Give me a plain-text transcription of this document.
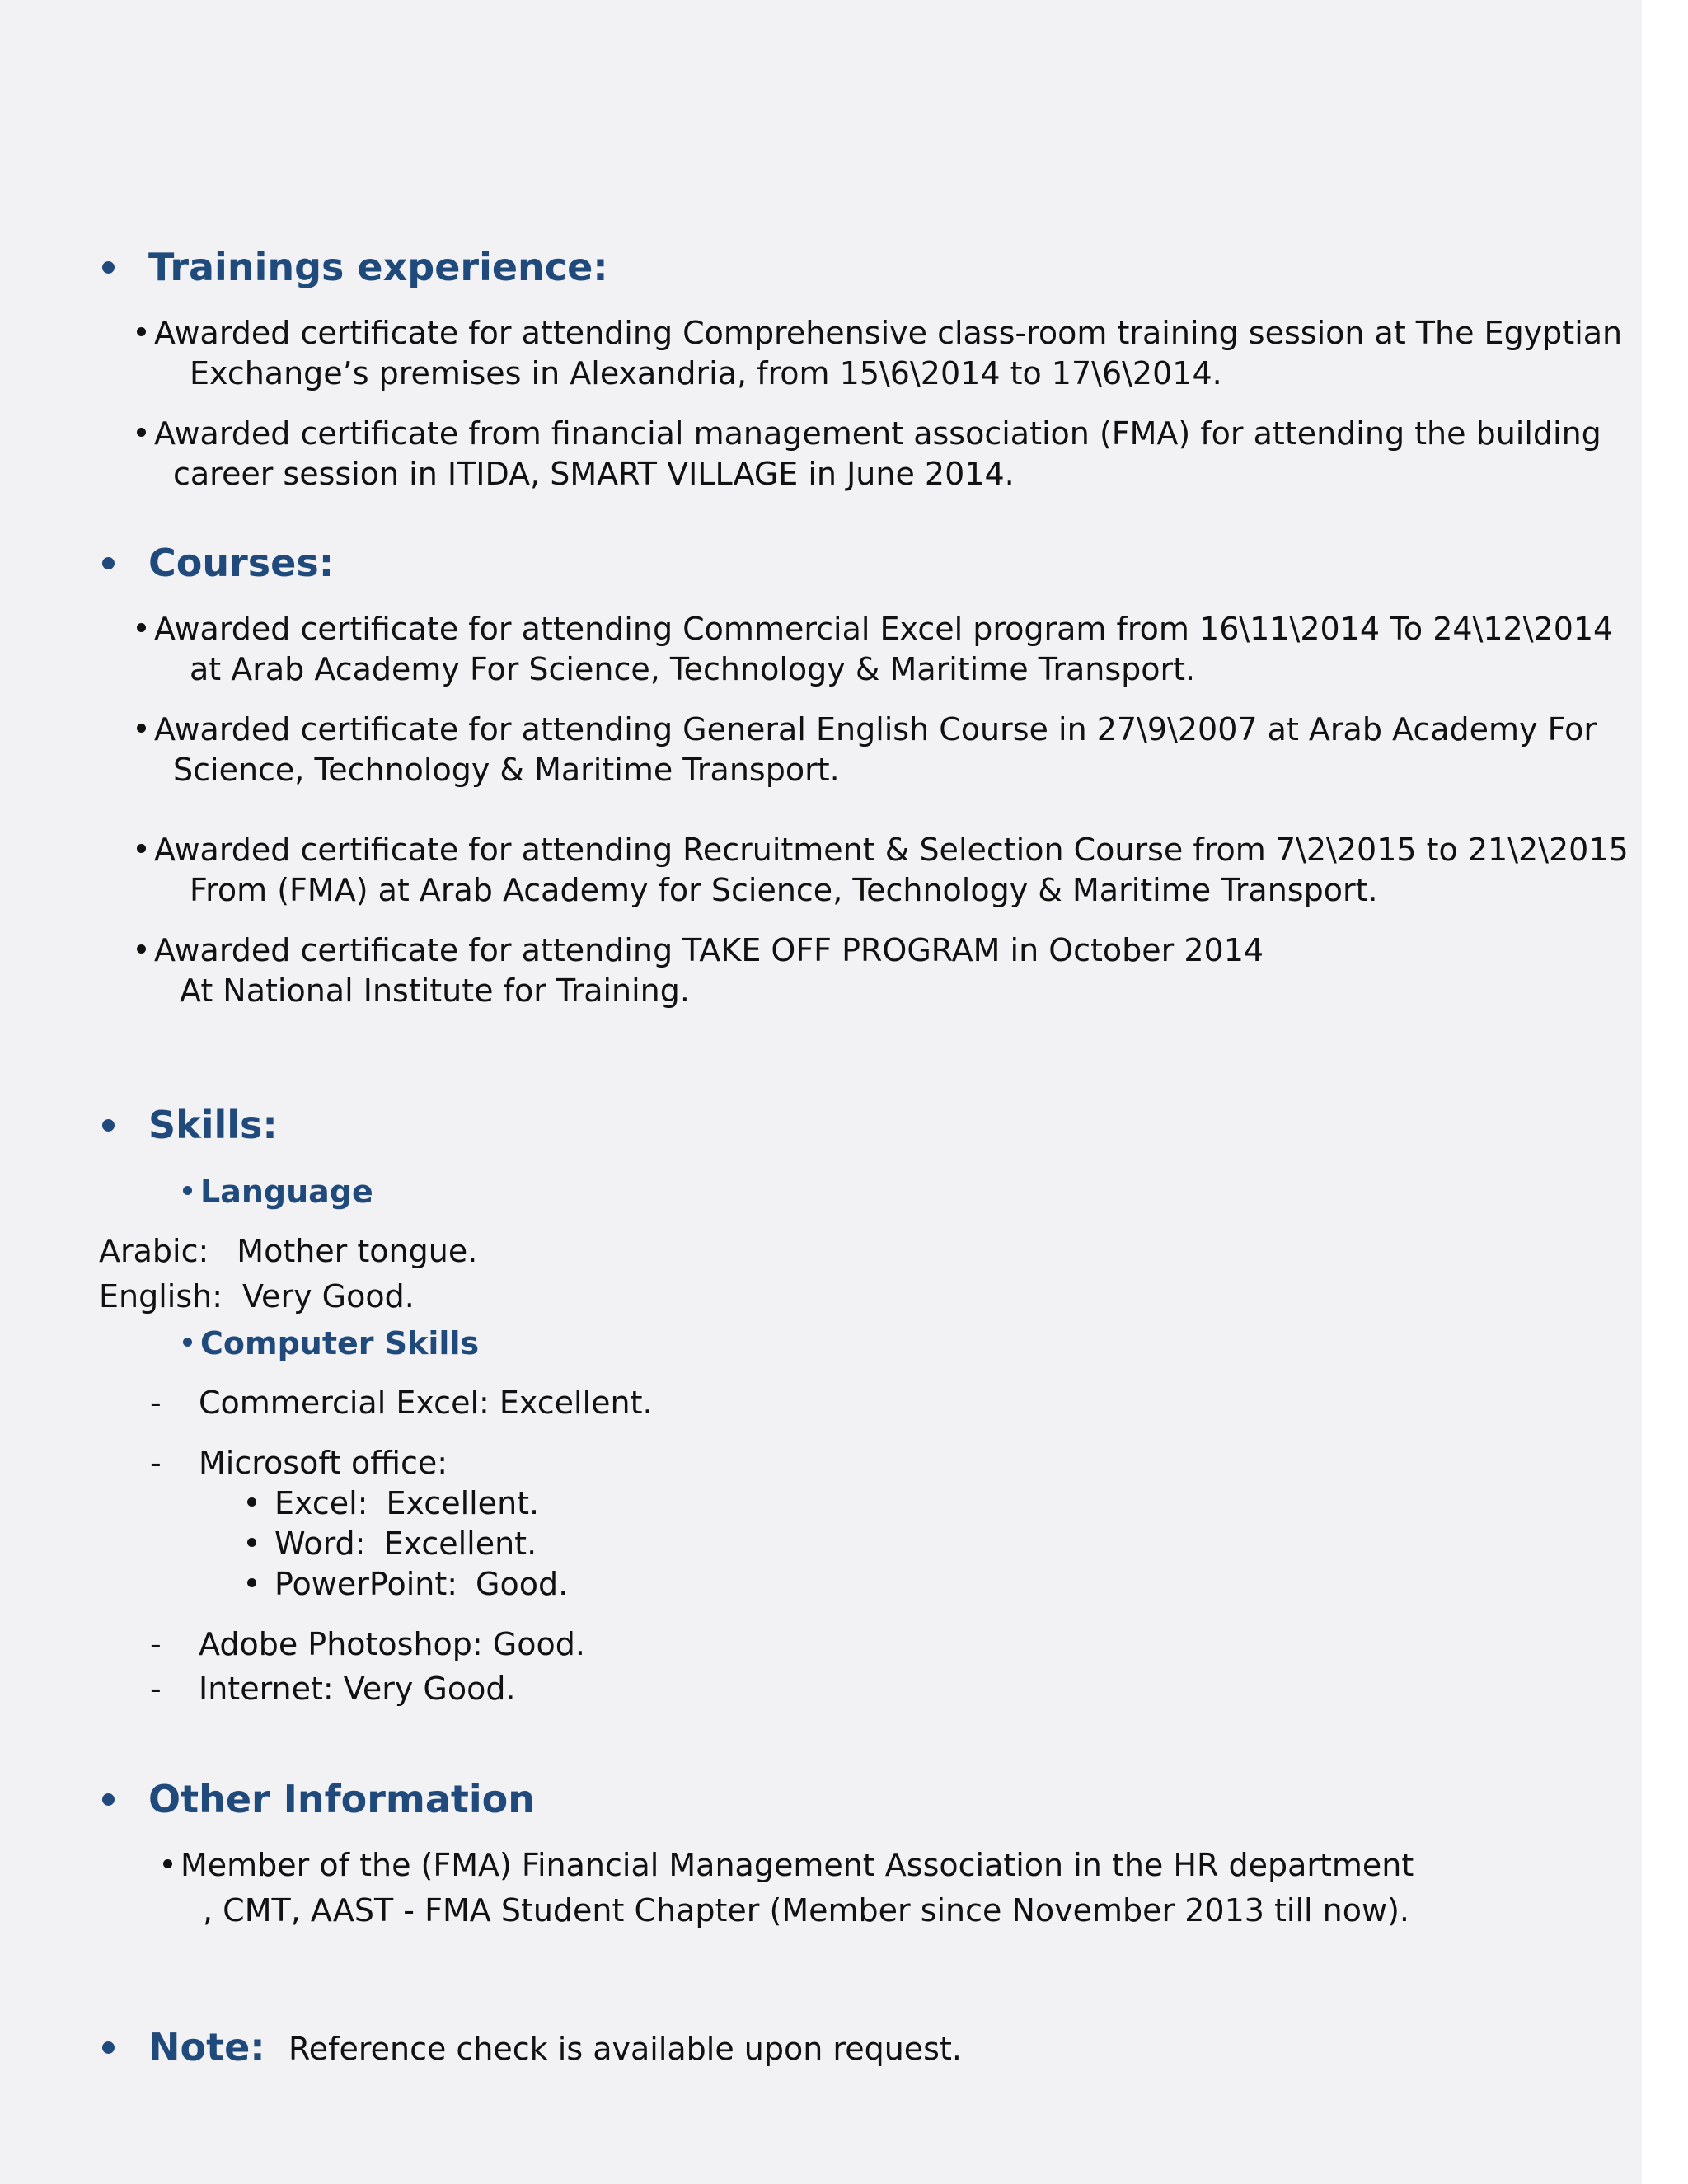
Trainings experience:
Awarded certificate for attending Comprehensive class-room training session at The Egyptian
Exchange’s premises in Alexandria, from 15\6\2014 to 17\6\2014.
Awarded certificate from financial management association (FMA) for attending the building
career session in ITIDA, SMART VILLAGE in June 2014.
Courses:
Awarded certificate for attending Commercial Excel program from 16\11\2014 To 24\12\2014
at Arab Academy For Science, Technology & Maritime Transport.
Awarded certificate for attending General English Course in 27\9\2007 at Arab Academy For
Science, Technology & Maritime Transport.
Awarded certificate for attending Recruitment & Selection Course from 7\2\2015 to 21\2\2015
From (FMA) at Arab Academy for Science, Technology & Maritime Transport.
Awarded certificate for attending TAKE OFF PROGRAM in October 2014
At National Institute for Training.
Skills:
Language
Arabic: Mother tongue.
English: Very Good.
Computer Skills
- Commercial Excel: Excellent.
- Microsoft office:
Excel: Excellent.
Word: Excellent.
PowerPoint: Good.
- Adobe Photoshop: Good.
- Internet: Very Good.
Other Information
Member of the (FMA) Financial Management Association in the HR department
, CMT, AAST - FMA Student Chapter (Member since November 2013 till now).
Note: Reference check is available upon request.
